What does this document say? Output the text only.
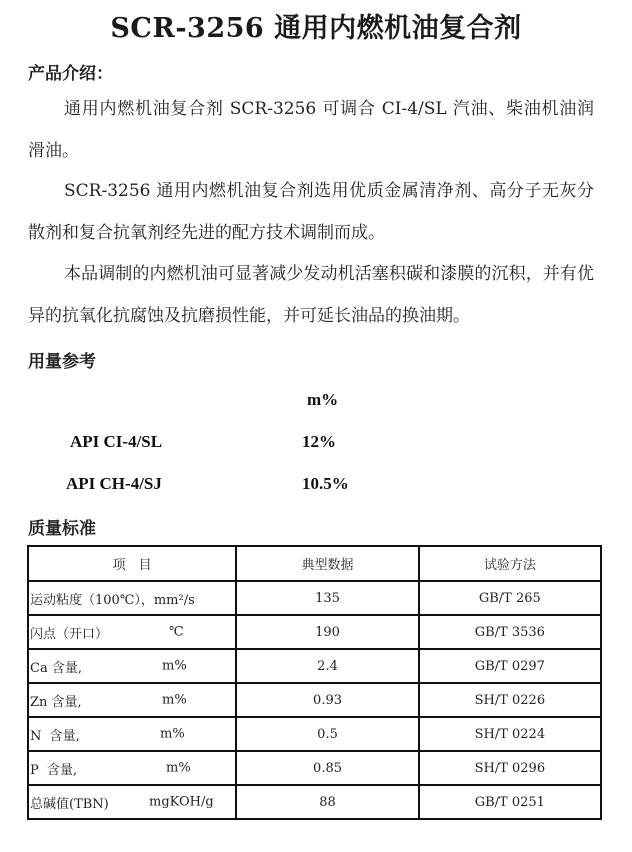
SCR-3256 通用内燃机油复合剂
产品介绍：
通用内燃机油复合剂 SCR-3256 可调合 CI-4/SL 汽油、柴油机油润滑油。
SCR-3256 通用内燃机油复合剂选用优质金属清净剂、高分子无灰分散剂和复合抗氧剂经先进的配方技术调制而成。
本品调制的内燃机油可显著减少发动机活塞积碳和漆膜的沉积，并有优异的抗氧化抗腐蚀及抗磨损性能，并可延长油品的换油期。
用量参考
m%
API CI-4/SL	12%
API CH-4/SJ	10.5%
质量标准
项　目	典型数据	试验方法
运动粘度（100℃），mm²/s	135	GB/T 265
闪点（开口） ℃	190	GB/T 3536
Ca 含量, m%	2.4	GB/T 0297
Zn 含量, m%	0.93	SH/T 0226
N  含量, m%	0.5	SH/T 0224
P  含量, m%	0.85	SH/T 0296
总碱值(TBN) mgKOH/g	88	GB/T 0251
